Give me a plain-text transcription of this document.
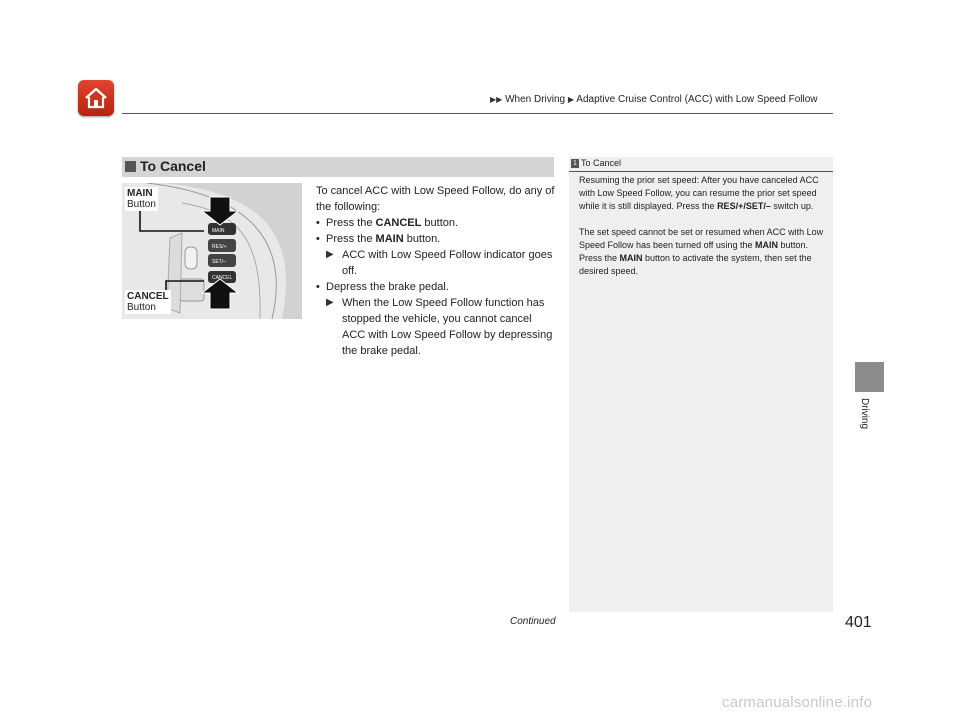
▶▶ When Driving ▶ Adaptive Cruise Control (ACC) with Low Speed Follow
To Cancel
MAIN
RES/+
SET/–
CANCEL
MAIN
Button
CANCEL
Button

To cancel ACC with Low Speed Follow, do any of the following:

• Press the CANCEL button.
• Press the MAIN button.
▶ ACC with Low Speed Follow indicator goes off.
• Depress the brake pedal.
▶ When the Low Speed Follow function has stopped the vehicle, you cannot cancel ACC with Low Speed Follow by depressing the brake pedal.
1 To Cancel

Resuming the prior set speed: After you have canceled ACC with Low Speed Follow, you can resume the prior set speed while it is still displayed. Press the RES/+/SET/– switch up.

The set speed cannot be set or resumed when ACC with Low Speed Follow has been turned off using the MAIN button. Press the MAIN button to activate the system, then set the desired speed.

Driving
Continued	401
carmanualsonline.info
